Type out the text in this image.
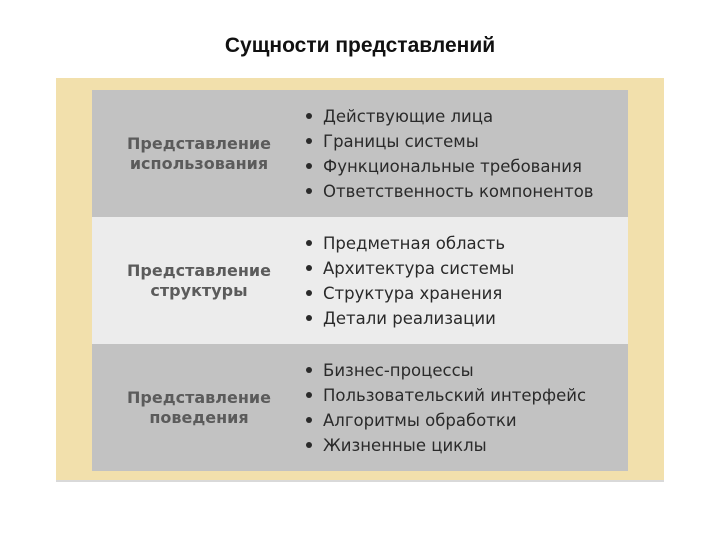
Сущности представлений
Представление
использования
Действующие лица
Границы системы
Функциональные требования
Ответственность компонентов
Представление
структуры
Предметная область
Архитектура системы
Структура хранения
Детали реализации
Представление
поведения
Бизнес-процессы
Пользовательский интерфейс
Алгоритмы обработки
Жизненные циклы
